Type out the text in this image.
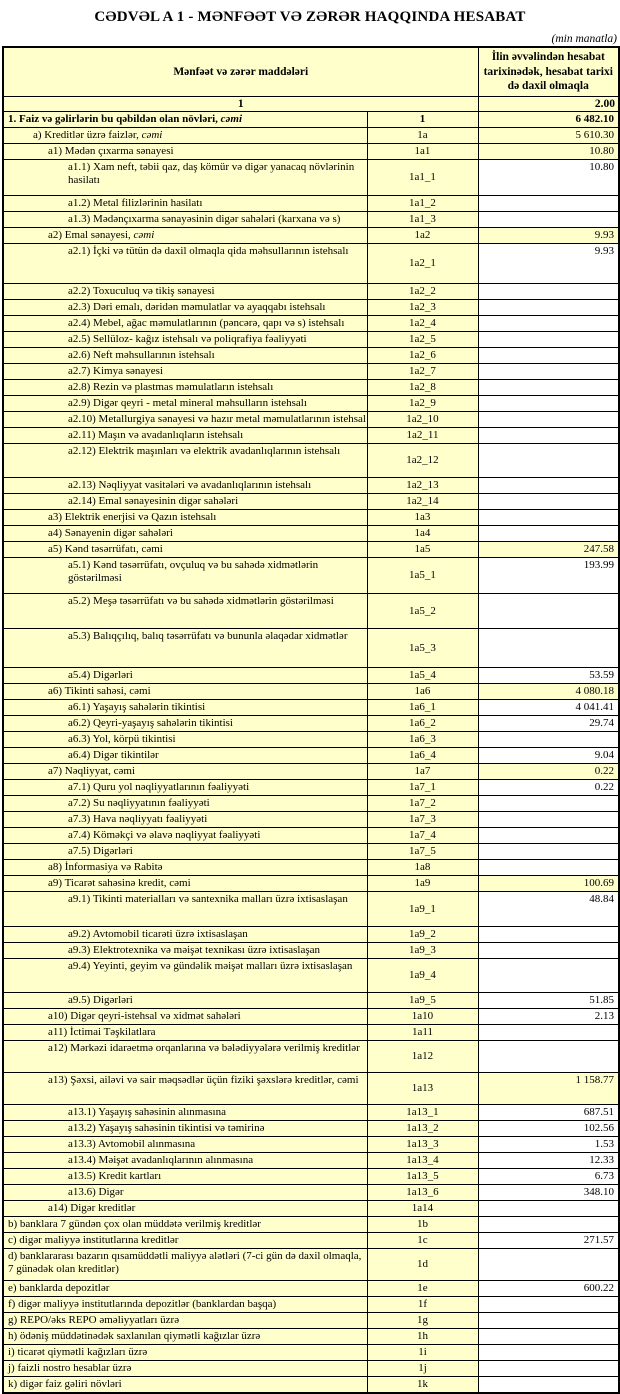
CƏDVƏL A 1 - MƏNFƏƏT VƏ ZƏRƏR HAQQINDA HESABAT
(min manatla)
Mənfəət və zərər maddələri		İlin əvvəlindən hesabat tarixinədək, hesabat tarixi də daxil olmaqla
1		2.00
1. Faiz və gəlirlərin bu qəbildən olan növləri, cəmi	1	6 482.10
a) Kreditlər üzrə faizlər, cəmi	1a	5 610.30
a1) Mədən çıxarma sənayesi	1a1	10.80
a1.1) Xam neft, təbii qaz, daş kömür və digər yanacaq növlərinin hasilatı	1a1_1	10.80
a1.2) Metal filizlərinin hasilatı	1a1_2	
a1.3) Mədənçıxarma sənayəsinin digər sahələri (karxana və s)	1a1_3	
a2) Emal sənayesi, cəmi	1a2	9.93
a2.1) İçki və tütün də daxil olmaqla qida məhsullarının istehsalı	1a2_1	9.93
a2.2) Toxuculuq və tikiş sənayesi	1a2_2	
a2.3) Dəri emalı, dəridən məmulatlar və ayaqqabı istehsalı	1a2_3	
a2.4) Mebel, ağac məmulatlarının (pəncərə, qapı və s) istehsalı	1a2_4	
a2.5) Sellüloz- kağız istehsalı və poliqrafiya fəaliyyəti	1a2_5	
a2.6) Neft məhsullarının istehsalı	1a2_6	
a2.7) Kimya sənayesi	1a2_7	
a2.8) Rezin və plastmas məmulatların istehsalı	1a2_8	
a2.9) Digər qeyri - metal mineral məhsulların istehsalı	1a2_9	
a2.10) Metallurgiya sənayesi və hazır metal məmulatlarının istehsal	1a2_10	
a2.11) Maşın və avadanlıqların istehsalı	1a2_11	
a2.12) Elektrik maşınları və elektrik avadanlıqlarının istehsalı	1a2_12	
a2.13) Nəqliyyat vasitələri və avadanlıqlarının istehsalı	1a2_13	
a2.14) Emal sənayesinin digər sahələri	1a2_14	
a3) Elektrik enerjisi və Qazın istehsalı	1a3	
a4) Sənayenin digər sahələri	1a4	
a5) Kənd təsərrüfatı, cəmi	1a5	247.58
a5.1) Kənd təsərrüfatı, ovçuluq və bu sahədə xidmətlərin göstərilməsi	1a5_1	193.99
a5.2) Meşə təsərrüfatı və bu sahədə xidmətlərin göstərilməsi	1a5_2	
a5.3) Balıqçılıq, balıq təsərrüfatı və bununla əlaqədar xidmətlər	1a5_3	
a5.4) Digərləri	1a5_4	53.59
a6) Tikinti sahəsi, cəmi	1a6	4 080.18
a6.1) Yaşayış sahələrin tikintisi	1a6_1	4 041.41
a6.2) Qeyri-yaşayış sahələrin tikintisi	1a6_2	29.74
a6.3) Yol, körpü tikintisi	1a6_3	
a6.4) Digər tikintilər	1a6_4	9.04
a7) Nəqliyyat, cəmi	1a7	0.22
a7.1) Quru yol nəqliyyatlarının fəaliyyəti	1a7_1	0.22
a7.2) Su nəqliyyatının fəaliyyəti	1a7_2	
a7.3) Hava nəqliyyatı fəaliyyəti	1a7_3	
a7.4) Köməkçi və əlavə nəqliyyat fəaliyyəti	1a7_4	
a7.5) Digərləri	1a7_5	
a8) İnformasiya və Rabitə	1a8	
a9) Ticarət sahəsinə kredit, cəmi	1a9	100.69
a9.1) Tikinti materialları və santexnika malları üzrə ixtisaslaşan	1a9_1	48.84
a9.2) Avtomobil ticarəti üzrə ixtisaslaşan	1a9_2	
a9.3) Elektrotexnika və məişət texnikası üzrə ixtisaslaşan	1a9_3	
a9.4) Yeyinti, geyim və gündəlik məişət malları üzrə ixtisaslaşan	1a9_4	
a9.5) Digərləri	1a9_5	51.85
a10) Digər qeyri-istehsal və xidmət sahələri	1a10	2.13
a11) İctimai Təşkilatlara	1a11	
a12) Mərkəzi idarəetmə orqanlarına və bələdiyyələrə verilmiş kreditlər	1a12	
a13) Şəxsi, ailəvi və sair məqsədlər üçün fiziki şəxslərə kreditlər, cəmi	1a13	1 158.77
a13.1) Yaşayış sahəsinin alınmasına	1a13_1	687.51
a13.2) Yaşayış sahəsinin tikintisi və təmirinə	1a13_2	102.56
a13.3) Avtomobil alınmasına	1a13_3	1.53
a13.4) Məişət avadanlıqlarının alınmasına	1a13_4	12.33
a13.5) Kredit kartları	1a13_5	6.73
a13.6) Digər	1a13_6	348.10
a14) Digər kreditlər	1a14	
b) banklara 7 gündən çox olan müddətə verilmiş kreditlər	1b	
c) digər maliyyə institutlarına kreditlər	1c	271.57
d) banklararası bazarın qısamüddətli maliyyə alətləri (7-ci gün də daxil olmaqla, 7 günədək olan kreditlər)	1d	
e) banklarda depozitlər	1e	600.22
f) digər maliyyə institutlarında depozitlər (banklardan başqa)	1f	
g) REPO/əks REPO əməliyyatları üzrə	1g	
h) ödəniş müddətinədək saxlanılan qiymətli kağızlar üzrə	1h	
i) ticarət qiymətli kağızları üzrə	1i	
j) faizli nostro hesablar üzrə	1j	
k) digər faiz gəliri növləri	1k	
